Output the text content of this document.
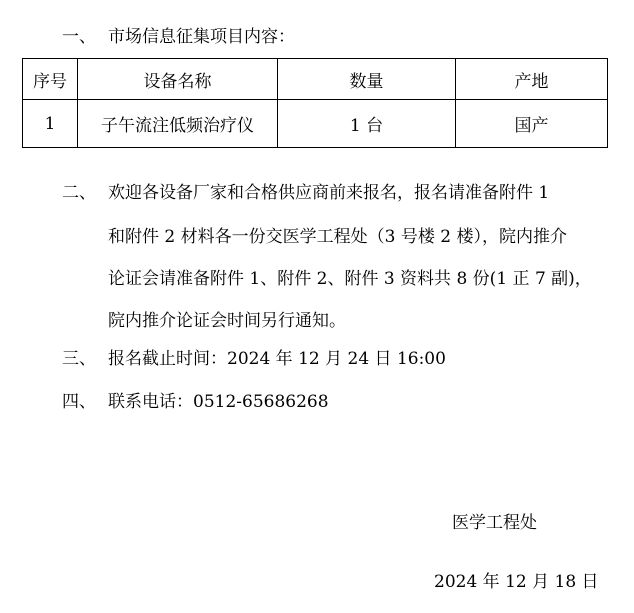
一、 市场信息征集项目内容：
序号	设备名称	数量	产地
1	子午流注低频治疗仪	1 台	国产
二、 欢迎各设备厂家和合格供应商前来报名，报名请准备附件 1
和附件 2 材料各一份交医学工程处（3 号楼 2 楼），院内推介
论证会请准备附件 1、附件 2、附件 3 资料共 8 份(1 正 7 副)，
院内推介论证会时间另行通知。
三、 报名截止时间：2024 年 12 月 24 日 16:00
四、 联系电话：0512-65686268
医学工程处
2024 年 12 月 18 日
